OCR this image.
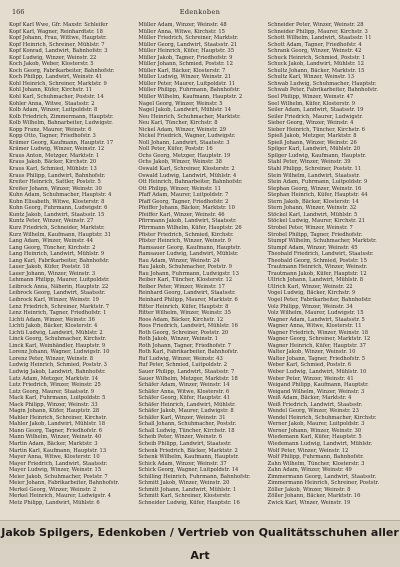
166	Edenkoben
Kopf Karl Wwe, Gfr. Maxstr. Schleifer
Kopf Karl, Wagner, Reinhardtstr. 18
Kopf Johann, Frau, Wittwe, Hauptstr.
Kopf Heinrich, Schreiner, Mühlstr. 7
Kopf Konrad, Landwirt, Bahnhofstr. 3
Kopf Ludwig, Winzer, Weinstr. 22
Koch Jakob, Weber, Klosterstr. 5
Koch Georg, Fabrikarbeiter, Bahnhofstr.
Koch Philipp, Landwirt, Weinstr. 41
Kohl Heinrich, Schreiner, Marktstr. 9
Kohl Johann, Küfer, Kirchstr. 11
Kohl Karl, Schuhmacher, Poststr. 14
Kohler Anna, Witwe, Staatsstr. 2
Kolb Adam, Winzer, Luitpoldstr. 8
Kolb Friedrich, Zimmermann, Hauptstr.
Kolb Wilhelm, Bahnarbeiter, Ludwigstr.
Kopp Franz, Maurer, Weinstr. 6
Kopp Otto, Tagner, Friedhofstr. 3
Krämer Georg, Kaufmann, Hauptstr. 17
Krämer Ludwig, Winzer, Weinstr. 12
Kraus Anton, Metzger, Marktstr. 1
Kraus Jakob, Bäcker, Kirchstr. 20
Kraus Karl, Schmied, Mühlstr. 13
Kraus Philipp, Landwirt, Bahnhofstr.
Kreiter Heinrich, Sattler, Poststr. 5
Kreiter Johann, Winzer, Weinstr. 30
Kuhn Adam, Schuhmacher, Hauptstr. 4
Kuhn Elisabeth, Witwe, Klosterstr. 8
Kuhn Georg, Fuhrmann, Ludwigstr. 6
Kuntz Jakob, Landwirt, Staatsstr. 15
Kuntz Peter, Winzer, Weinstr. 27
Kurz Friedrich, Schneider, Marktstr.
Kurz Wilhelm, Kaufmann, Hauptstr. 31
Lang Adam, Winzer, Weinstr. 44
Lang Georg, Tüncher, Kirchstr. 2
Lang Heinrich, Landwirt, Mühlstr. 9
Lang Karl, Fabrikarbeiter, Bahnhofstr.
Lauer Jakob, Küfer, Poststr. 18
Lauer Johann, Winzer, Weinstr. 3
Lehmann Philipp, Maurer, Luitpoldstr.
Leibrock Anna, Näherin, Hauptstr. 22
Leibrock Georg, Landwirt, Staatsstr.
Leibrock Karl, Winzer, Weinstr. 19
Lenz Friedrich, Schreiner, Marktstr. 7
Lenz Heinrich, Tagner, Friedhofstr. 1
Lichti Adam, Winzer, Weinstr. 36
Lichti Jakob, Bäcker, Klosterstr. 4
Lichti Ludwig, Landwirt, Mühlstr. 2
Linck Georg, Schuhmacher, Kirchstr.
Linck Karl, Weinhändler, Hauptstr. 9
Lorenz Johann, Wagner, Ludwigstr. 10
Lorenz Peter, Winzer, Weinstr. 8
Ludwig Heinrich, Schmied, Poststr. 3
Ludwig Jakob, Landwirt, Bahnhofstr.
Lutz Adam, Metzger, Marktstr. 14
Lutz Friedrich, Winzer, Weinstr. 25
Lutz Georg, Maurer, Staatsstr. 9
Mack Karl, Fuhrmann, Luitpoldstr. 5
Mack Philipp, Winzer, Weinstr. 33
Magin Johann, Küfer, Hauptstr. 28
Mahler Heinrich, Schreiner, Kirchstr.
Mahler Jakob, Landwirt, Mühlstr. 18
Mann Georg, Tagner, Friedhofstr. 6
Mann Wilhelm, Winzer, Weinstr. 40
Martin Adam, Bäcker, Marktstr. 3
Martin Karl, Kaufmann, Hauptstr. 13
Mayer Anna, Witwe, Klosterstr. 10
Mayer Friedrich, Landwirt, Staatsstr.
Mayer Ludwig, Winzer, Weinstr. 15
Meier Jakob, Schuhmacher, Poststr. 7
Meier Johann, Fabrikarbeiter, Bahnhofstr.
Merkel Georg, Winzer, Weinstr. 2
Merkel Heinrich, Maurer, Ludwigstr. 4
Metz Philipp, Landwirt, Mühlstr. 6
Müller Adam, Winzer, Weinstr. 48
Müller Anna, Witwe, Kirchstr. 15
Müller Friedrich, Schreiner, Marktstr.
Müller Georg, Landwirt, Staatsstr. 21
Müller Heinrich, Küfer, Hauptstr. 35
Müller Jakob, Tagner, Friedhofstr. 9
Müller Johann, Schmied, Poststr. 12
Müller Karl, Bäcker, Klosterstr. 7
Müller Ludwig, Winzer, Weinstr. 21
Müller Peter, Maurer, Luitpoldstr. 11
Müller Philipp, Fuhrmann, Bahnhofstr.
Müller Wilhelm, Kaufmann, Hauptstr. 2
Nagel Georg, Winzer, Weinstr. 5
Nagel Jakob, Landwirt, Mühlstr. 14
Neu Heinrich, Schuhmacher, Marktstr.
Neu Karl, Tüncher, Kirchstr. 8
Nickel Adam, Winzer, Weinstr. 29
Nickel Friedrich, Wagner, Ludwigstr.
Noll Johann, Landwirt, Staatsstr. 3
Noll Peter, Küfer, Poststr. 16
Ochs Georg, Metzger, Hauptstr. 19
Ochs Jakob, Winzer, Weinstr. 38
Oswald Karl, Schreiner, Klosterstr. 2
Oswald Ludwig, Landwirt, Mühlstr. 4
Ott Heinrich, Bahnarbeiter, Bahnhofstr.
Ott Philipp, Winzer, Weinstr. 11
Pfaff Adam, Maurer, Luitpoldstr. 7
Pfaff Georg, Tagner, Friedhofstr. 2
Pfeiffer Johann, Bäcker, Marktstr. 10
Pfeiffer Karl, Winzer, Weinstr. 46
Pfirrmann Jakob, Landwirt, Staatsstr.
Pfirrmann Wilhelm, Küfer, Hauptstr. 26
Pfister Friedrich, Schmied, Kirchstr.
Pfister Heinrich, Winzer, Weinstr. 9
Ramsauer Georg, Kaufmann, Hauptstr.
Ramsauer Ludwig, Landwirt, Mühlstr.
Rau Adam, Winzer, Weinstr. 24
Rau Jakob, Schuhmacher, Poststr. 9
Rau Johann, Fuhrmann, Ludwigstr. 13
Reiber Karl, Tüncher, Klosterstr. 12
Reiber Peter, Winzer, Weinstr. 17
Reinhard Georg, Landwirt, Staatsstr.
Reinhard Philipp, Maurer, Marktstr. 6
Ritter Heinrich, Küfer, Hauptstr. 8
Ritter Wilhelm, Winzer, Weinstr. 35
Roos Adam, Bäcker, Kirchstr. 12
Roos Friedrich, Landwirt, Mühlstr. 16
Roth Georg, Schreiner, Poststr. 20
Roth Jakob, Winzer, Weinstr. 1
Roth Johann, Tagner, Friedhofstr. 7
Roth Karl, Fabrikarbeiter, Bahnhofstr.
Ruf Ludwig, Winzer, Weinstr. 43
Ruf Peter, Schmied, Luitpoldstr. 2
Sauer Philipp, Landwirt, Staatsstr. 7
Sauer Wilhelm, Metzger, Marktstr. 18
Schäfer Adam, Winzer, Weinstr. 14
Schäfer Anna, Witwe, Klosterstr. 6
Schäfer Georg, Küfer, Hauptstr. 41
Schäfer Heinrich, Landwirt, Mühlstr.
Schäfer Jakob, Maurer, Ludwigstr. 8
Schäfer Karl, Winzer, Weinstr. 31
Schall Johann, Schuhmacher, Poststr.
Schall Ludwig, Tüncher, Kirchstr. 18
Scheib Peter, Winzer, Weinstr. 6
Scheib Philipp, Landwirt, Staatsstr.
Schenk Friedrich, Bäcker, Marktstr. 2
Schenk Wilhelm, Kaufmann, Hauptstr.
Schick Adam, Winzer, Weinstr. 37
Schick Georg, Wagner, Luitpoldstr. 14
Schilling Heinrich, Fuhrmann, Bahnhofstr.
Schmitt Jakob, Winzer, Weinstr. 20
Schmitt Johann, Landwirt, Mühlstr. 1
Schmitt Karl, Schreiner, Klosterstr.
Schneider Ludwig, Küfer, Hauptstr. 16
Schneider Peter, Winzer, Weinstr. 28
Schneider Philipp, Maurer, Kirchstr. 3
Schott Wilhelm, Landwirt, Staatsstr. 11
Schott Adam, Tagner, Friedhofstr. 4
Schrank Georg, Winzer, Weinstr. 42
Schuck Heinrich, Schmied, Poststr. 1
Schuck Jakob, Landwirt, Mühlstr. 12
Schultz Johann, Bäcker, Marktstr. 15
Schultz Karl, Winzer, Weinstr. 13
Schwab Ludwig, Schuhmacher, Hauptstr.
Schwab Peter, Fabrikarbeiter, Bahnhofstr.
Seel Philipp, Winzer, Weinstr. 47
Seel Wilhelm, Küfer, Klosterstr. 9
Seiler Adam, Landwirt, Staatsstr. 19
Seiler Friedrich, Maurer, Ludwigstr.
Sieber Georg, Winzer, Weinstr. 4
Sieber Heinrich, Tüncher, Kirchstr. 6
Spieß Jakob, Metzger, Marktstr. 8
Spieß Johann, Winzer, Weinstr. 26
Spilger Karl, Landwirt, Mühlstr. 20
Spilger Ludwig, Kaufmann, Hauptstr.
Stahl Peter, Winzer, Weinstr. 39
Stahl Philipp, Schreiner, Poststr. 11
Stein Wilhelm, Landwirt, Staatsstr.
Stein Adam, Fuhrmann, Luitpoldstr. 9
Stephan Georg, Winzer, Weinstr. 16
Stephan Heinrich, Küfer, Hauptstr. 44
Stern Jakob, Bäcker, Klosterstr. 14
Stern Johann, Winzer, Weinstr. 32
Stöckel Karl, Landwirt, Mühlstr. 5
Stöckel Ludwig, Maurer, Kirchstr. 21
Strobel Peter, Winzer, Weinstr. 7
Strobel Philipp, Tagner, Friedhofstr.
Stumpf Wilhelm, Schuhmacher, Marktstr.
Stumpf Adam, Winzer, Weinstr. 45
Theobald Friedrich, Landwirt, Staatsstr.
Theobald Georg, Schmied, Poststr. 15
Trautmann Heinrich, Winzer, Weinstr.
Trautmann Jakob, Küfer, Hauptstr. 12
Ullrich Johann, Landwirt, Mühlstr. 8
Ullrich Karl, Winzer, Weinstr. 22
Vogel Ludwig, Bäcker, Kirchstr. 9
Vogel Peter, Fabrikarbeiter, Bahnhofstr.
Volz Philipp, Winzer, Weinstr. 34
Volz Wilhelm, Maurer, Ludwigstr. 15
Wagner Adam, Landwirt, Staatsstr. 5
Wagner Anna, Witwe, Klosterstr. 11
Wagner Friedrich, Winzer, Weinstr. 18
Wagner Georg, Schreiner, Marktstr. 12
Wagner Heinrich, Küfer, Hauptstr. 37
Walter Jakob, Winzer, Weinstr. 10
Walter Johann, Tagner, Friedhofstr. 5
Weber Karl, Schmied, Poststr. 6
Weber Ludwig, Landwirt, Mühlstr. 10
Weber Peter, Winzer, Weinstr. 41
Weigand Philipp, Kaufmann, Hauptstr.
Weigand Wilhelm, Winzer, Weinstr. 3
Weiß Adam, Bäcker, Marktstr. 4
Weiß Friedrich, Landwirt, Staatsstr.
Wendel Georg, Winzer, Weinstr. 23
Wendel Heinrich, Schuhmacher, Kirchstr.
Werner Jakob, Maurer, Luitpoldstr. 3
Werner Johann, Winzer, Weinstr. 30
Wiedemann Karl, Küfer, Hauptstr. 5
Wiedemann Ludwig, Landwirt, Mühlstr.
Wolf Peter, Winzer, Weinstr. 12
Wolf Philipp, Fuhrmann, Bahnhofstr.
Zahn Wilhelm, Tüncher, Klosterstr. 3
Zahn Adam, Winzer, Weinstr. 49
Zimmermann Georg, Landwirt, Staatsstr.
Zimmermann Heinrich, Schreiner, Poststr.
Zöller Jakob, Winzer, Weinstr. 8
Zöller Johann, Bäcker, Marktstr. 16
Zwick Karl, Winzer, Weinstr. 19
Jakob Spilgers, Edenkoben / Vertrieb von Qualitätsschuhen aller Art
